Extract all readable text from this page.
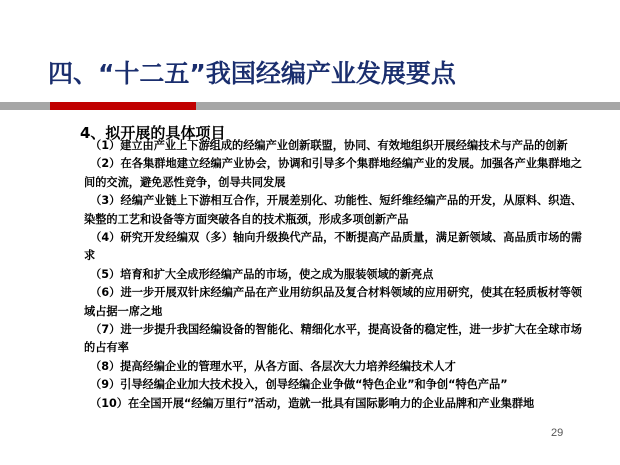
四、“十二五”我国经编产业发展要点
4、拟开展的具体项目

（1）建立由产业上下游组成的经编产业创新联盟，协同、有效地组织开展经编技术与产品的创新

（2）在各集群地建立经编产业协会，协调和引导多个集群地经编产业的发展。加强各产业集群地之间的交流，避免恶性竞争，创导共同发展

（3）经编产业链上下游相互合作，开展差别化、功能性、短纤维经编产品的开发，从原料、织造、染整的工艺和设备等方面突破各自的技术瓶颈，形成多项创新产品

（4）研究开发经编双（多）轴向升级换代产品，不断提高产品质量，满足新领域、高品质市场的需求

（5）培育和扩大全成形经编产品的市场，使之成为服装领域的新亮点

（6）进一步开展双针床经编产品在产业用纺织品及复合材料领域的应用研究，使其在轻质板材等领域占据一席之地

（7）进一步提升我国经编设备的智能化、精细化水平，提高设备的稳定性，进一步扩大在全球市场的占有率

（8）提高经编企业的管理水平，从各方面、各层次大力培养经编技术人才

（9）引导经编企业加大技术投入，创导经编企业争做“特色企业”和争创“特色产品”

（10）在全国开展“经编万里行”活动，造就一批具有国际影响力的企业品牌和产业集群地

29
